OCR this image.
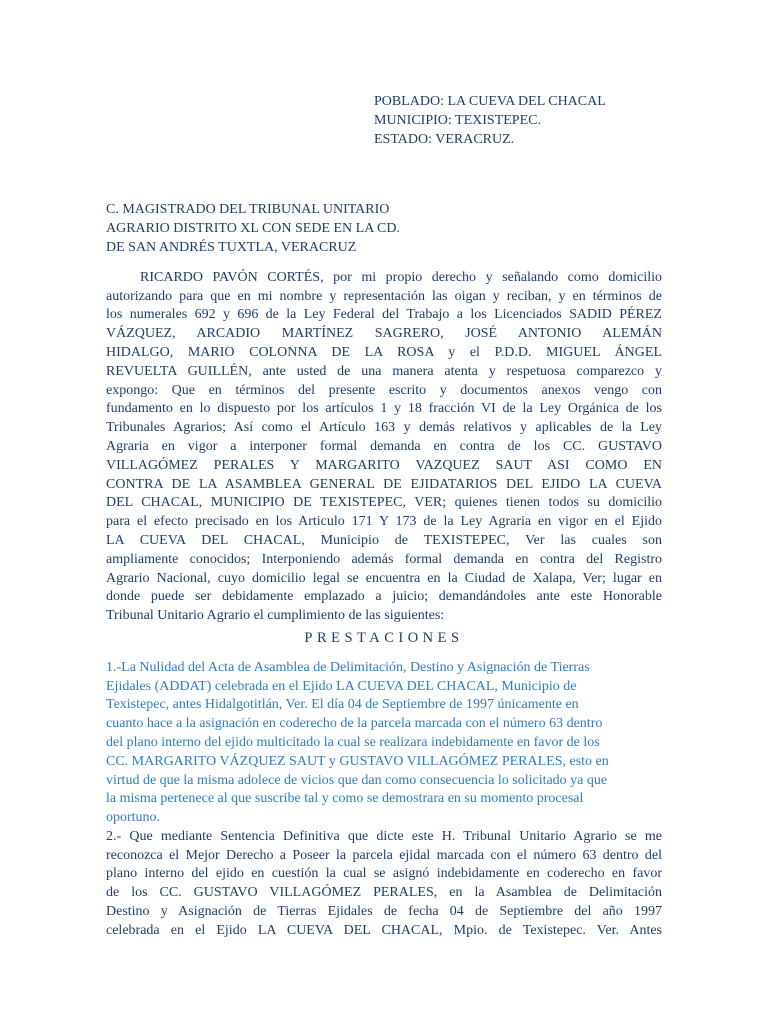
POBLADO: LA CUEVA DEL CHACAL
MUNICIPIO: TEXISTEPEC.
ESTADO: VERACRUZ.
C. MAGISTRADO DEL TRIBUNAL UNITARIO
AGRARIO DISTRITO XL CON SEDE EN LA CD.
DE SAN ANDRÉS TUXTLA, VERACRUZ
RICARDO PAVÓN CORTÉS, por mi propio derecho y señalando como domicilio
autorizando para que en mi nombre y representación las oigan y reciban, y en términos de
los numerales 692 y 696 de la Ley Federal del Trabajo a los Licenciados SADID PÉREZ
VÁZQUEZ, ARCADIO MARTÍNEZ SAGRERO, JOSÉ ANTONIO ALEMÁN
HIDALGO, MARIO COLONNA DE LA ROSA y el P.D.D. MIGUEL ÁNGEL
REVUELTA GUILLÉN, ante usted de una manera atenta y respetuosa comparezco y
expongo: Que en términos del presente escrito y documentos anexos vengo con
fundamento en lo dispuesto por los artículos 1 y 18 fracción VI de la Ley Orgánica de los
Tribunales Agrarios; Así como el Artículo 163 y demás relativos y aplicables de la Ley
Agraria en vigor a interponer formal demanda en contra de los CC. GUSTAVO
VILLAGÓMEZ PERALES Y MARGARITO VAZQUEZ SAUT ASI COMO EN
CONTRA DE LA ASAMBLEA GENERAL DE EJIDATARIOS DEL EJIDO LA CUEVA
DEL CHACAL, MUNICIPIO DE TEXISTEPEC, VER; quienes tienen todos su domicilio
para el efecto precisado en los Articulo 171 Y 173 de la Ley Agraria en vigor en el Ejido
LA CUEVA DEL CHACAL, Municipio de TEXISTEPEC, Ver las cuales son
ampliamente conocidos; Interponiendo además formal demanda en contra del Registro
Agrario Nacional, cuyo domicilio legal se encuentra en la Ciudad de Xalapa, Ver; lugar en
donde puede ser debidamente emplazado a juicio; demandándoles ante este Honorable
Tribunal Unitario Agrario el cumplimiento de las siguientes:
PRESTACIONES
1.-La Nulidad del Acta de Asamblea de Delimitación, Destino y Asignación de Tierras
Ejidales (ADDAT) celebrada en el Ejido LA CUEVA DEL CHACAL, Municipio de
Texistepec, antes Hidalgotitlán, Ver. El día 04 de Septiembre de 1997 únicamente en
cuanto hace a la asignación en coderecho de la parcela marcada con el número 63 dentro
del plano interno del ejido multicitado la cual se realizara indebidamente en favor de los
CC. MARGARITO VÁZQUEZ SAUT y GUSTAVO VILLAGÓMEZ PERALES, esto en
virtud de que la misma adolece de vicios que dan como consecuencia lo solicitado ya que
la misma pertenece al que suscribe tal y como se demostrara en su momento procesal
oportuno.
2.- Que mediante Sentencia Definitiva que dicte este H. Tribunal Unitario Agrario se me
reconozca el Mejor Derecho a Poseer la parcela ejidal marcada con el número 63 dentro del
plano interno del ejido en cuestión la cual se asignó indebidamente en coderecho en favor
de los CC. GUSTAVO VILLAGÓMEZ PERALES, en la Asamblea de Delimitación
Destino y Asignación de Tierras Ejidales de fecha 04 de Septiembre del año 1997
celebrada en el Ejido LA CUEVA DEL CHACAL, Mpio. de Texistepec. Ver. Antes
